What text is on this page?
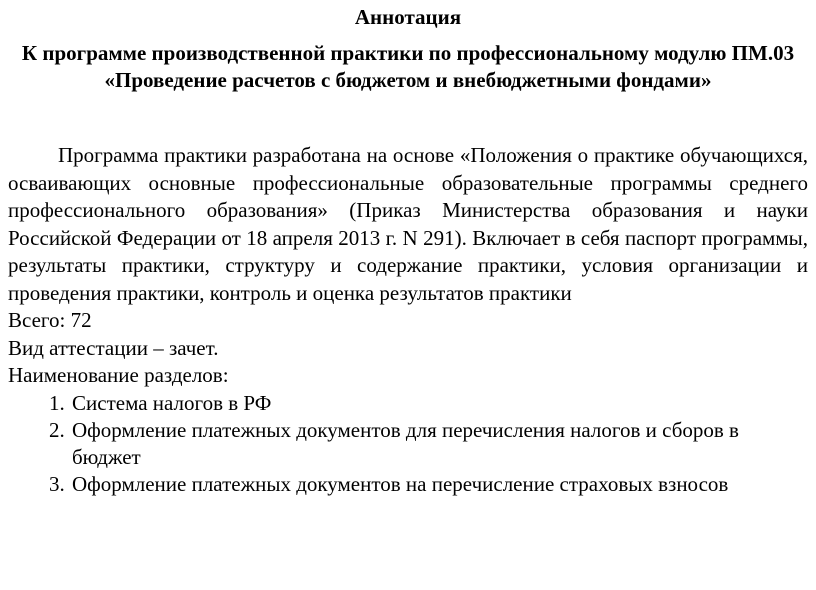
Аннотация
К программе производственной практики по профессиональному модулю ПМ.03 «Проведение расчетов с бюджетом и внебюджетными фондами»

Программа практики разработана на основе «Положения о практике обучающихся, осваивающих основные профессиональные образовательные программы среднего профессионального образования» (Приказ Министерства образования и науки Российской Федерации от 18 апреля 2013 г. N 291). Включает в себя паспорт программы, результаты практики, структуру и содержание практики, условия организации и проведения практики, контроль и оценка результатов практики

Всего: 72

Вид аттестации – зачет.

Наименование разделов:

1. Система налогов в РФ
2. Оформление платежных документов для перечисления налогов и сборов в бюджет
3. Оформление платежных документов на перечисление страховых взносов
